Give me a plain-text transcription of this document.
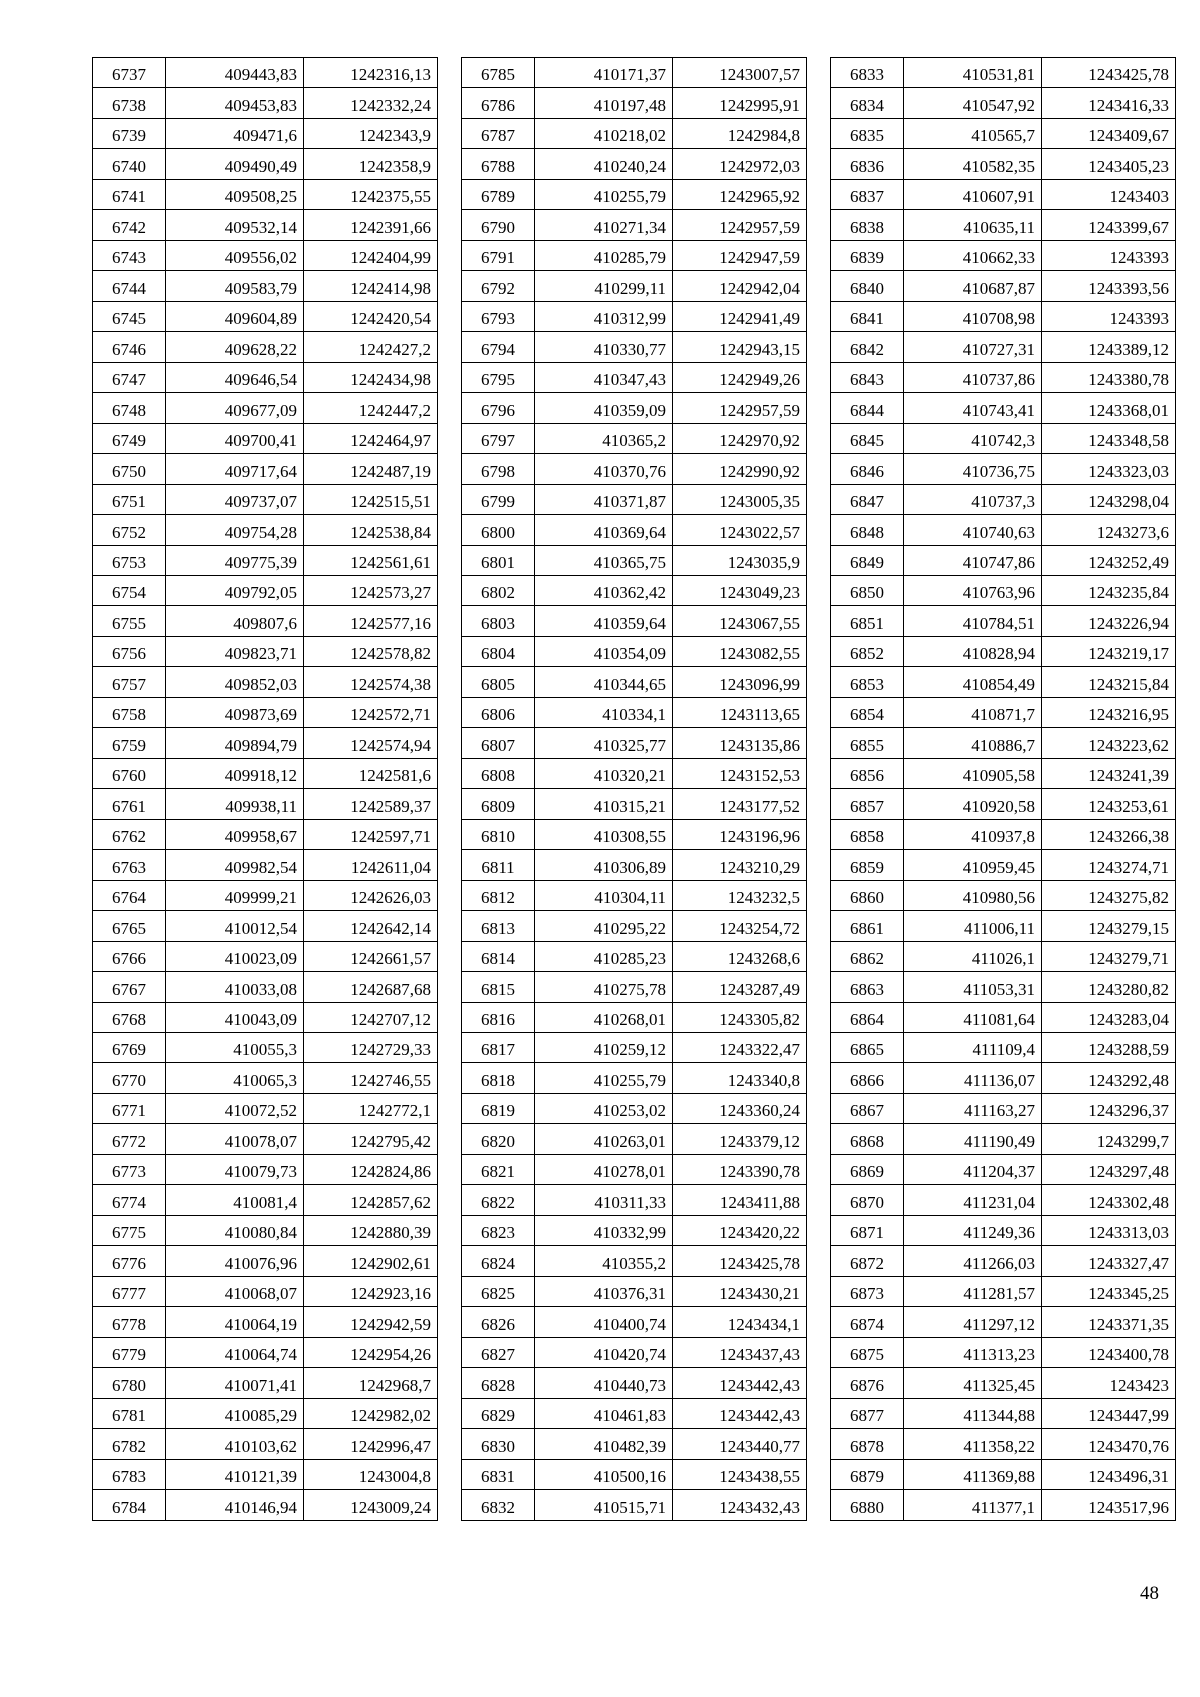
6737	409443,83	1242316,13
6738	409453,83	1242332,24
6739	409471,6	1242343,9
6740	409490,49	1242358,9
6741	409508,25	1242375,55
6742	409532,14	1242391,66
6743	409556,02	1242404,99
6744	409583,79	1242414,98
6745	409604,89	1242420,54
6746	409628,22	1242427,2
6747	409646,54	1242434,98
6748	409677,09	1242447,2
6749	409700,41	1242464,97
6750	409717,64	1242487,19
6751	409737,07	1242515,51
6752	409754,28	1242538,84
6753	409775,39	1242561,61
6754	409792,05	1242573,27
6755	409807,6	1242577,16
6756	409823,71	1242578,82
6757	409852,03	1242574,38
6758	409873,69	1242572,71
6759	409894,79	1242574,94
6760	409918,12	1242581,6
6761	409938,11	1242589,37
6762	409958,67	1242597,71
6763	409982,54	1242611,04
6764	409999,21	1242626,03
6765	410012,54	1242642,14
6766	410023,09	1242661,57
6767	410033,08	1242687,68
6768	410043,09	1242707,12
6769	410055,3	1242729,33
6770	410065,3	1242746,55
6771	410072,52	1242772,1
6772	410078,07	1242795,42
6773	410079,73	1242824,86
6774	410081,4	1242857,62
6775	410080,84	1242880,39
6776	410076,96	1242902,61
6777	410068,07	1242923,16
6778	410064,19	1242942,59
6779	410064,74	1242954,26
6780	410071,41	1242968,7
6781	410085,29	1242982,02
6782	410103,62	1242996,47
6783	410121,39	1243004,8
6784	410146,94	1243009,24
6785	410171,37	1243007,57
6786	410197,48	1242995,91
6787	410218,02	1242984,8
6788	410240,24	1242972,03
6789	410255,79	1242965,92
6790	410271,34	1242957,59
6791	410285,79	1242947,59
6792	410299,11	1242942,04
6793	410312,99	1242941,49
6794	410330,77	1242943,15
6795	410347,43	1242949,26
6796	410359,09	1242957,59
6797	410365,2	1242970,92
6798	410370,76	1242990,92
6799	410371,87	1243005,35
6800	410369,64	1243022,57
6801	410365,75	1243035,9
6802	410362,42	1243049,23
6803	410359,64	1243067,55
6804	410354,09	1243082,55
6805	410344,65	1243096,99
6806	410334,1	1243113,65
6807	410325,77	1243135,86
6808	410320,21	1243152,53
6809	410315,21	1243177,52
6810	410308,55	1243196,96
6811	410306,89	1243210,29
6812	410304,11	1243232,5
6813	410295,22	1243254,72
6814	410285,23	1243268,6
6815	410275,78	1243287,49
6816	410268,01	1243305,82
6817	410259,12	1243322,47
6818	410255,79	1243340,8
6819	410253,02	1243360,24
6820	410263,01	1243379,12
6821	410278,01	1243390,78
6822	410311,33	1243411,88
6823	410332,99	1243420,22
6824	410355,2	1243425,78
6825	410376,31	1243430,21
6826	410400,74	1243434,1
6827	410420,74	1243437,43
6828	410440,73	1243442,43
6829	410461,83	1243442,43
6830	410482,39	1243440,77
6831	410500,16	1243438,55
6832	410515,71	1243432,43
6833	410531,81	1243425,78
6834	410547,92	1243416,33
6835	410565,7	1243409,67
6836	410582,35	1243405,23
6837	410607,91	1243403
6838	410635,11	1243399,67
6839	410662,33	1243393
6840	410687,87	1243393,56
6841	410708,98	1243393
6842	410727,31	1243389,12
6843	410737,86	1243380,78
6844	410743,41	1243368,01
6845	410742,3	1243348,58
6846	410736,75	1243323,03
6847	410737,3	1243298,04
6848	410740,63	1243273,6
6849	410747,86	1243252,49
6850	410763,96	1243235,84
6851	410784,51	1243226,94
6852	410828,94	1243219,17
6853	410854,49	1243215,84
6854	410871,7	1243216,95
6855	410886,7	1243223,62
6856	410905,58	1243241,39
6857	410920,58	1243253,61
6858	410937,8	1243266,38
6859	410959,45	1243274,71
6860	410980,56	1243275,82
6861	411006,11	1243279,15
6862	411026,1	1243279,71
6863	411053,31	1243280,82
6864	411081,64	1243283,04
6865	411109,4	1243288,59
6866	411136,07	1243292,48
6867	411163,27	1243296,37
6868	411190,49	1243299,7
6869	411204,37	1243297,48
6870	411231,04	1243302,48
6871	411249,36	1243313,03
6872	411266,03	1243327,47
6873	411281,57	1243345,25
6874	411297,12	1243371,35
6875	411313,23	1243400,78
6876	411325,45	1243423
6877	411344,88	1243447,99
6878	411358,22	1243470,76
6879	411369,88	1243496,31
6880	411377,1	1243517,96
48
